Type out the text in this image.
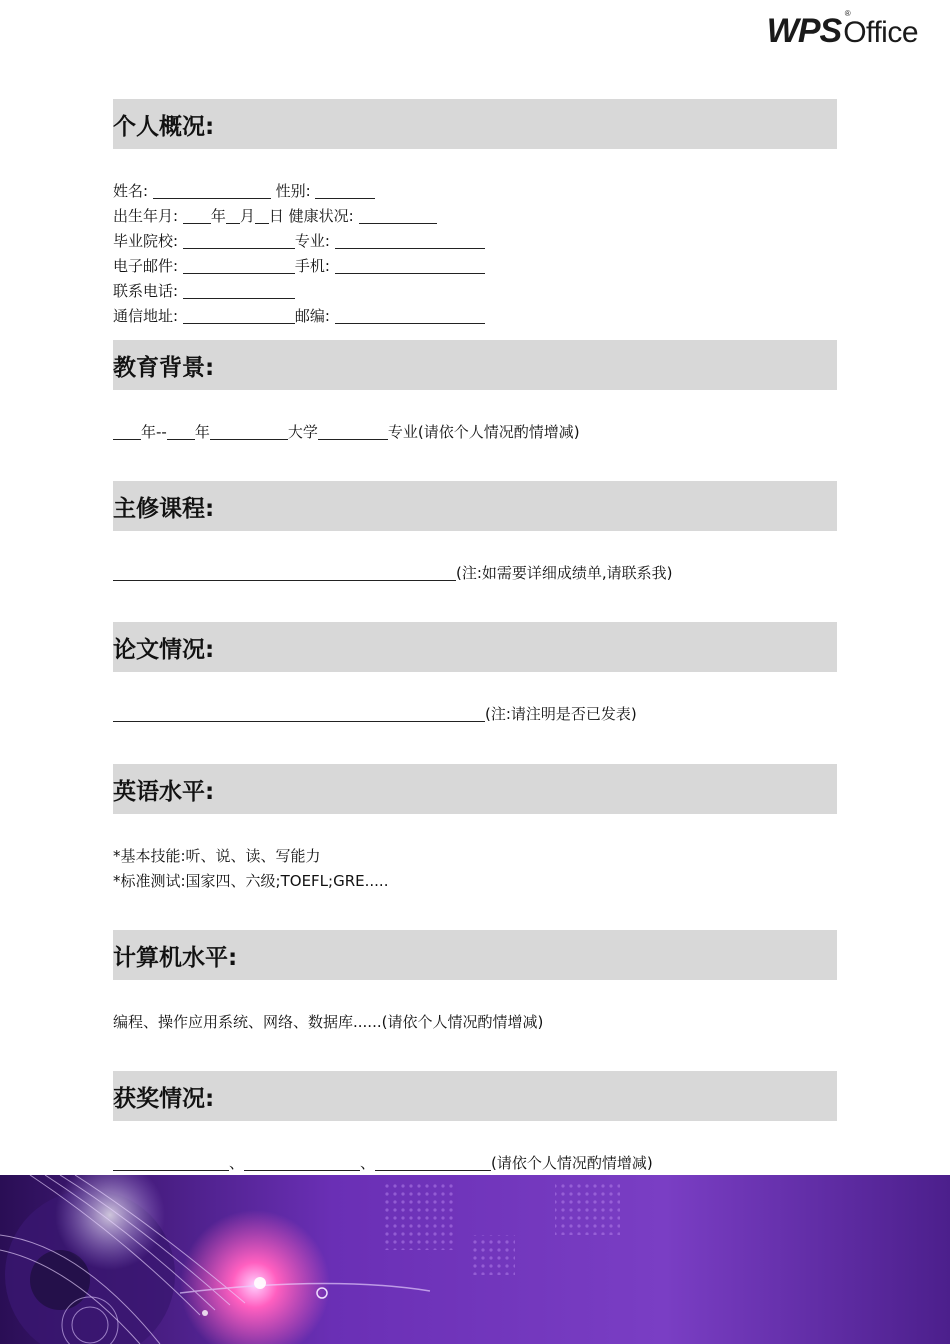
WPSOffice
®
个人概况:
姓名:	性别:
出生年月: 年 月 日 健康状况:
毕业院校:	专业:
电子邮件:	手机:
联系电话:
通信地址:	邮编:
教育背景:
年-- 年	大学	专业(请依个人情况酌情增减)
主修课程:
(注:如需要详细成绩单,请联系我)
论文情况:
(注:请注明是否已发表)
英语水平:
*基本技能:听、说、读、写能力
*标准测试:国家四、六级;TOEFL;GRE.....
计算机水平:
编程、操作应用系统、网络、数据库......(请依个人情况酌情增减)
获奖情况:
、	、	(请依个人情况酌情增减)
